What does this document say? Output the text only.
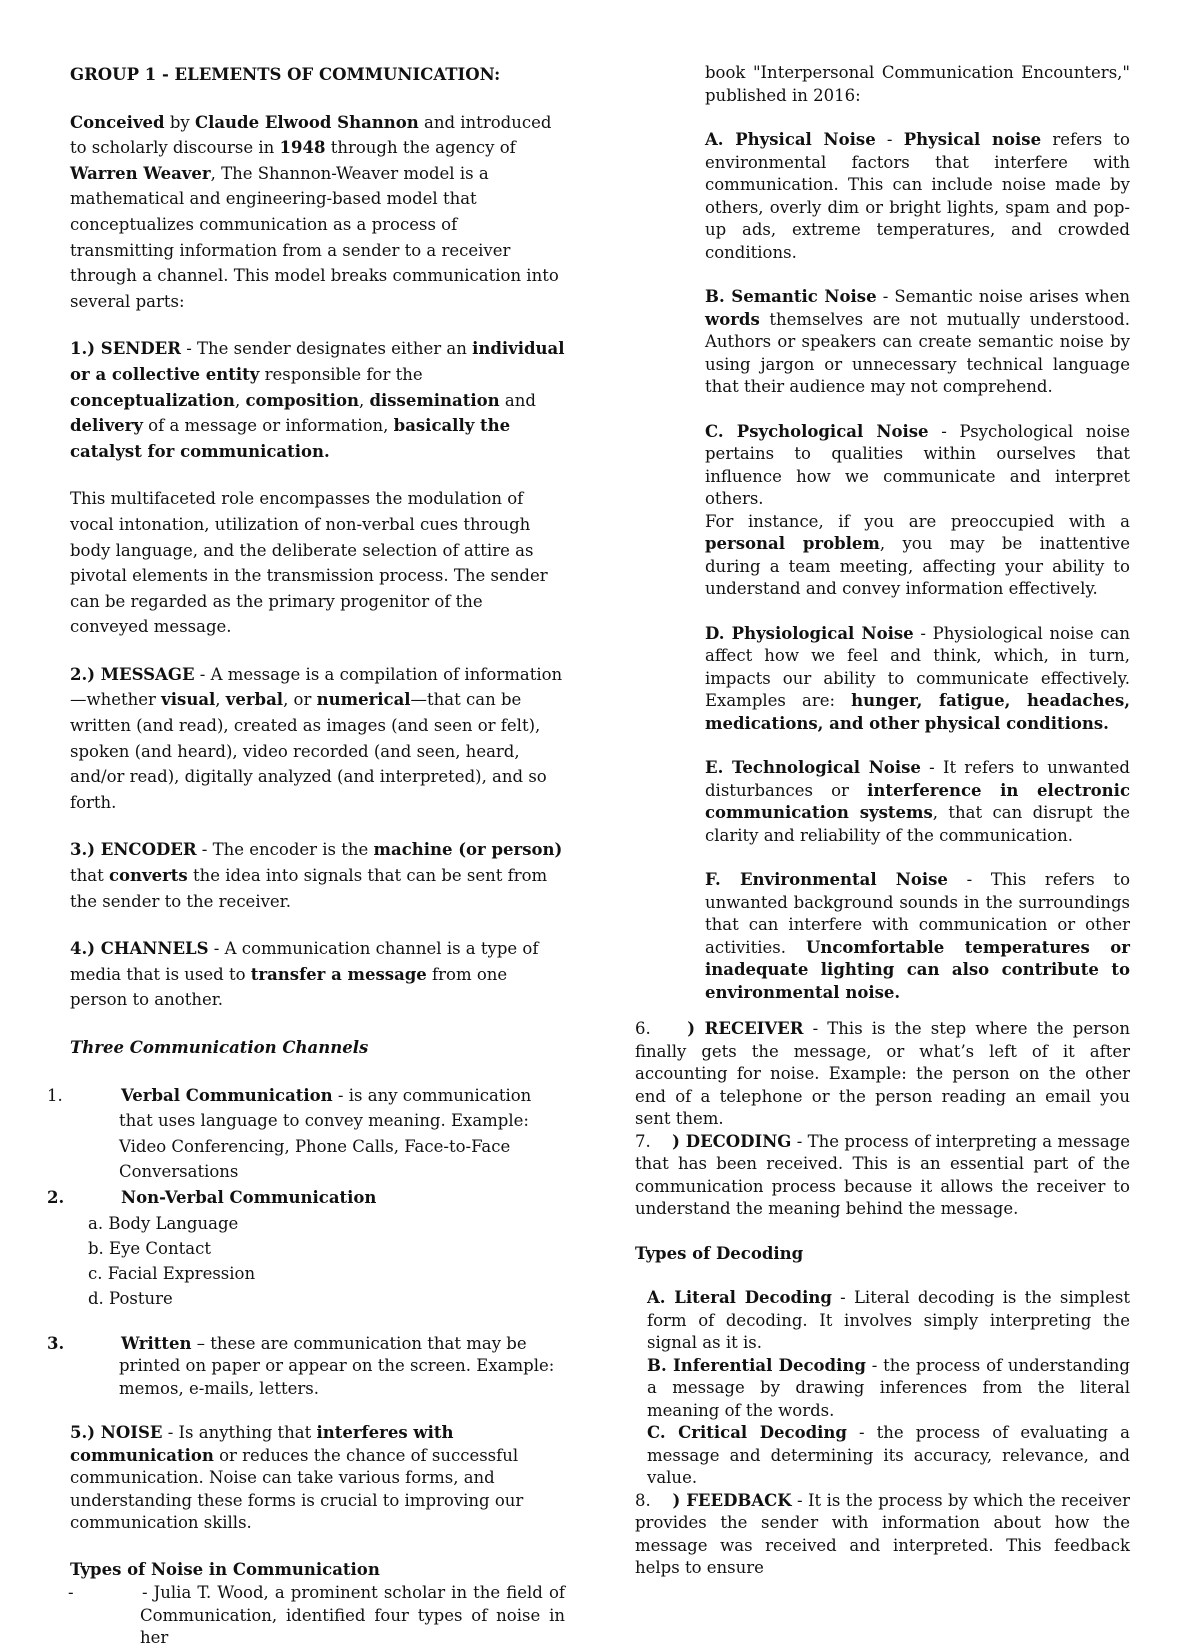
GROUP 1 - ELEMENTS OF COMMUNICATION:

Conceived by Claude Elwood Shannon and introduced to scholarly discourse in 1948 through the agency of Warren Weaver, The Shannon-Weaver model is a mathematical and engineering-based model that conceptualizes communication as a process of transmitting information from a sender to a receiver through a channel. This model breaks communication into several parts:

1.) SENDER - The sender designates either an individual or a collective entity responsible for the conceptualization, composition, dissemination and delivery of a message or information, basically the catalyst for communication.

This multifaceted role encompasses the modulation of vocal intonation, utilization of non-verbal cues through body language, and the deliberate selection of attire as pivotal elements in the transmission process. The sender can be regarded as the primary progenitor of the conveyed message.

2.) MESSAGE - A message is a compilation of information—whether visual, verbal, or numerical—that can be written (and read), created as images (and seen or felt), spoken (and heard), video recorded (and seen, heard, and/or read), digitally analyzed (and interpreted), and so forth.

3.) ENCODER - The encoder is the machine (or person) that converts the idea into signals that can be sent from the sender to the receiver.

4.) CHANNELS - A communication channel is a type of media that is used to transfer a message from one person to another.

Three Communication Channels

1.	Verbal Communication - is any communication that uses language to convey meaning. Example: Video Conferencing, Phone Calls, Face-to-Face Conversations
2.	Non-Verbal Communication
a. Body Language
b. Eye Contact
c. Facial Expression
d. Posture
3.	Written – these are communication that may be printed on paper or appear on the screen. Example: memos, e-mails, letters.

5.) NOISE - Is anything that interferes with communication or reduces the chance of successful communication. Noise can take various forms, and understanding these forms is crucial to improving our communication skills.

Types of Noise in Communication

-	- Julia T. Wood, a prominent scholar in the field of Communication, identified four types of noise in her

book "Interpersonal Communication Encounters," published in 2016:

A. Physical Noise - Physical noise refers to environmental factors that interfere with communication. This can include noise made by others, overly dim or bright lights, spam and pop-up ads, extreme temperatures, and crowded conditions.

B. Semantic Noise - Semantic noise arises when words themselves are not mutually understood. Authors or speakers can create semantic noise by using jargon or unnecessary technical language that their audience may not comprehend.

C. Psychological Noise - Psychological noise pertains to qualities within ourselves that influence how we communicate and interpret others.

For instance, if you are preoccupied with a personal problem, you may be inattentive during a team meeting, affecting your ability to understand and convey information effectively.

D. Physiological Noise - Physiological noise can affect how we feel and think, which, in turn, impacts our ability to communicate effectively. Examples are: hunger, fatigue, headaches, medications, and other physical conditions.

E. Technological Noise - It refers to unwanted disturbances or interference in electronic communication systems, that can disrupt the clarity and reliability of the communication.

F. Environmental Noise - This refers to unwanted background sounds in the surroundings that can interfere with communication or other activities. Uncomfortable temperatures or inadequate lighting can also contribute to environmental noise.

6. ) RECEIVER - This is the step where the person finally gets the message, or what’s left of it after accounting for noise. Example: the person on the other end of a telephone or the person reading an email you sent them.

7. ) DECODING - The process of interpreting a message that has been received. This is an essential part of the communication process because it allows the receiver to understand the meaning behind the message.

Types of Decoding

A. Literal Decoding - Literal decoding is the simplest form of decoding. It involves simply interpreting the signal as it is.

B. Inferential Decoding - the process of understanding a message by drawing inferences from the literal meaning of the words.

C. Critical Decoding - the process of evaluating a message and determining its accuracy, relevance, and value.

8. ) FEEDBACK - It is the process by which the receiver provides the sender with information about how the message was received and interpreted. This feedback helps to ensure
